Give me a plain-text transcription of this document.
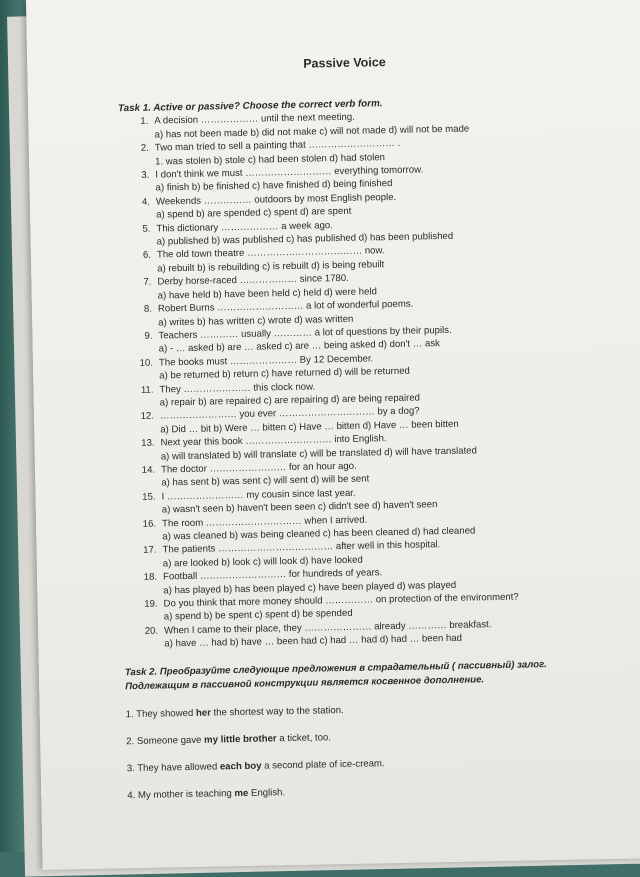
Passive Voice
Task 1. Active or passive? Choose the correct verb form.
1. A decision ……………… until the next meeting.
a) has not been made b) did not make c) will not made d) will not be made
2. Two man tried to sell a painting that ……………………… .
1. was stolen b) stole c) had been stolen d) had stolen
3. I don't think we must ……………………… everything tomorrow.
a) finish b) be finished c) have finished d) being finished
4. Weekends …………… outdoors by most English people.
a) spend b) are spended c) spent d) are spent
5. This dictionary ……………… a week ago.
a) published b) was published c) has published d) has been published
6. The old town theatre ……………………………… now.
a) rebuilt b) is rebuilding c) is rebuilt d) is being rebuilt
7. Derby horse-raced ……………… since 1780.
a) have held b) have been held c) held d) were held
8. Robert Burns ……………………… a lot of wonderful poems.
a) writes b) has written c) wrote d) was written
9. Teachers ………… usually ………… a lot of questions by their pupils.
a) - … asked b) are … asked c) are … being asked d) don't … ask
10. The books must ………………… By 12 December.
a) be returned b) return c) have returned d) will be returned
11. They ………………… this clock now.
a) repair b) are repaired c) are repairing d) are being repaired
12. …………………… you ever ………………………… by a dog?
a) Did … bit b) Were … bitten c) Have … bitten d) Have … been bitten
13. Next year this book ……………………… into English.
a) will translated b) will translate c) will be translated d) will have translated
14. The doctor …………………… for an hour ago.
a) has sent b) was sent c) will sent d) will be sent
15. I …………………… my cousin since last year.
a) wasn't seen b) haven't been seen c) didn't see d) haven't seen
16. The room ………………………… when I arrived.
a) was cleaned b) was being cleaned c) has been cleaned d) had cleaned
17. The patients ……………………………… after well in this hospital.
a) are looked b) look c) will look d) have looked
18. Football ……………………… for hundreds of years.
a) has played b) has been played c) have been played d) was played
19. Do you think that more money should …………… on protection of the environment?
a) spend b) be spent c) spent d) be spended
20. When I came to their place, they ………………… already ………… breakfast.
a) have … had b) have … been had c) had … had d) had … been had
Task 2. Преобразуйте следующие предложения в страдательный ( пассивный) залог.
Подлежащим в пассивной конструкции является косвенное дополнение.
1. They showed her the shortest way to the station.
2. Someone gave my little brother a ticket, too.
3. They have allowed each boy a second plate of ice-cream.
4. My mother is teaching me English.
